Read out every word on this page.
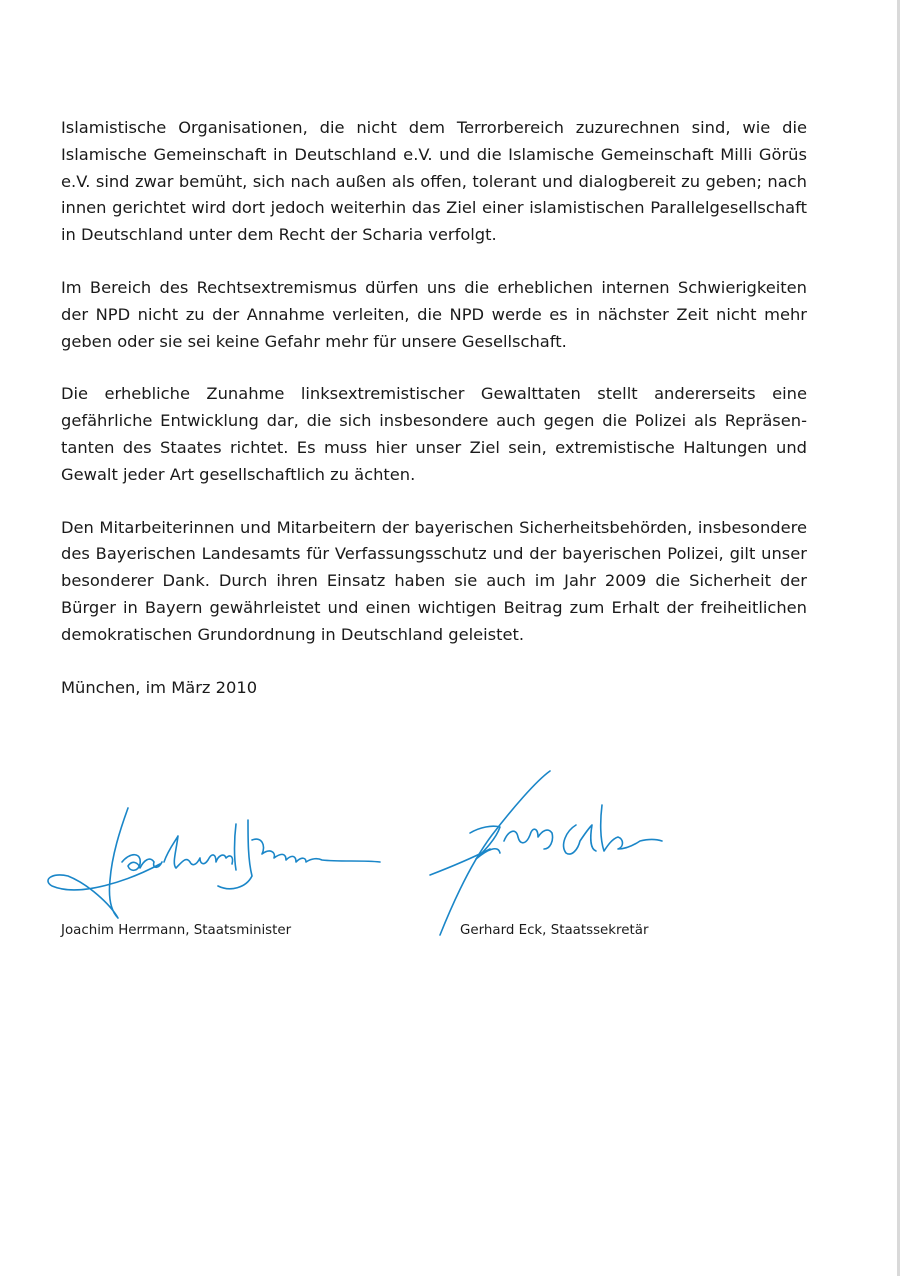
Islamistische Organisationen, die nicht dem Terrorbereich zuzurechnen sind, wie die Islamische Gemeinschaft in Deutschland e.V. und die Islamische Gemeinschaft Milli Görüs e.V. sind zwar bemüht, sich nach außen als offen, tolerant und dialogbereit zu geben; nach innen gerichtet wird dort jedoch weiterhin das Ziel einer islamistischen Parallelgesellschaft in Deutschland unter dem Recht der Scharia verfolgt.

Im Bereich des Rechtsextremismus dürfen uns die erheblichen internen Schwierigkeiten der NPD nicht zu der Annahme verleiten, die NPD werde es in nächster Zeit nicht mehr geben oder sie sei keine Gefahr mehr für unsere Gesellschaft.

Die erhebliche Zunahme linksextremistischer Gewalttaten stellt andererseits eine gefährliche Entwicklung dar, die sich insbesondere auch gegen die Polizei als Repräsentanten des Staates richtet. Es muss hier unser Ziel sein, extremistische Haltungen und Gewalt jeder Art gesellschaftlich zu ächten.

Den Mitarbeiterinnen und Mitarbeitern der bayerischen Sicherheitsbehörden, insbesondere des Bayerischen Landesamts für Verfassungsschutz und der bayerischen Polizei, gilt unser besonderer Dank. Durch ihren Einsatz haben sie auch im Jahr 2009 die Sicherheit der Bürger in Bayern gewährleistet und einen wichtigen Beitrag zum Erhalt der freiheitlichen demokratischen Grundordnung in Deutschland geleistet.

München, im März 2010

Joachim Herrmann, Staatsminister	Gerhard Eck, Staatssekretär
